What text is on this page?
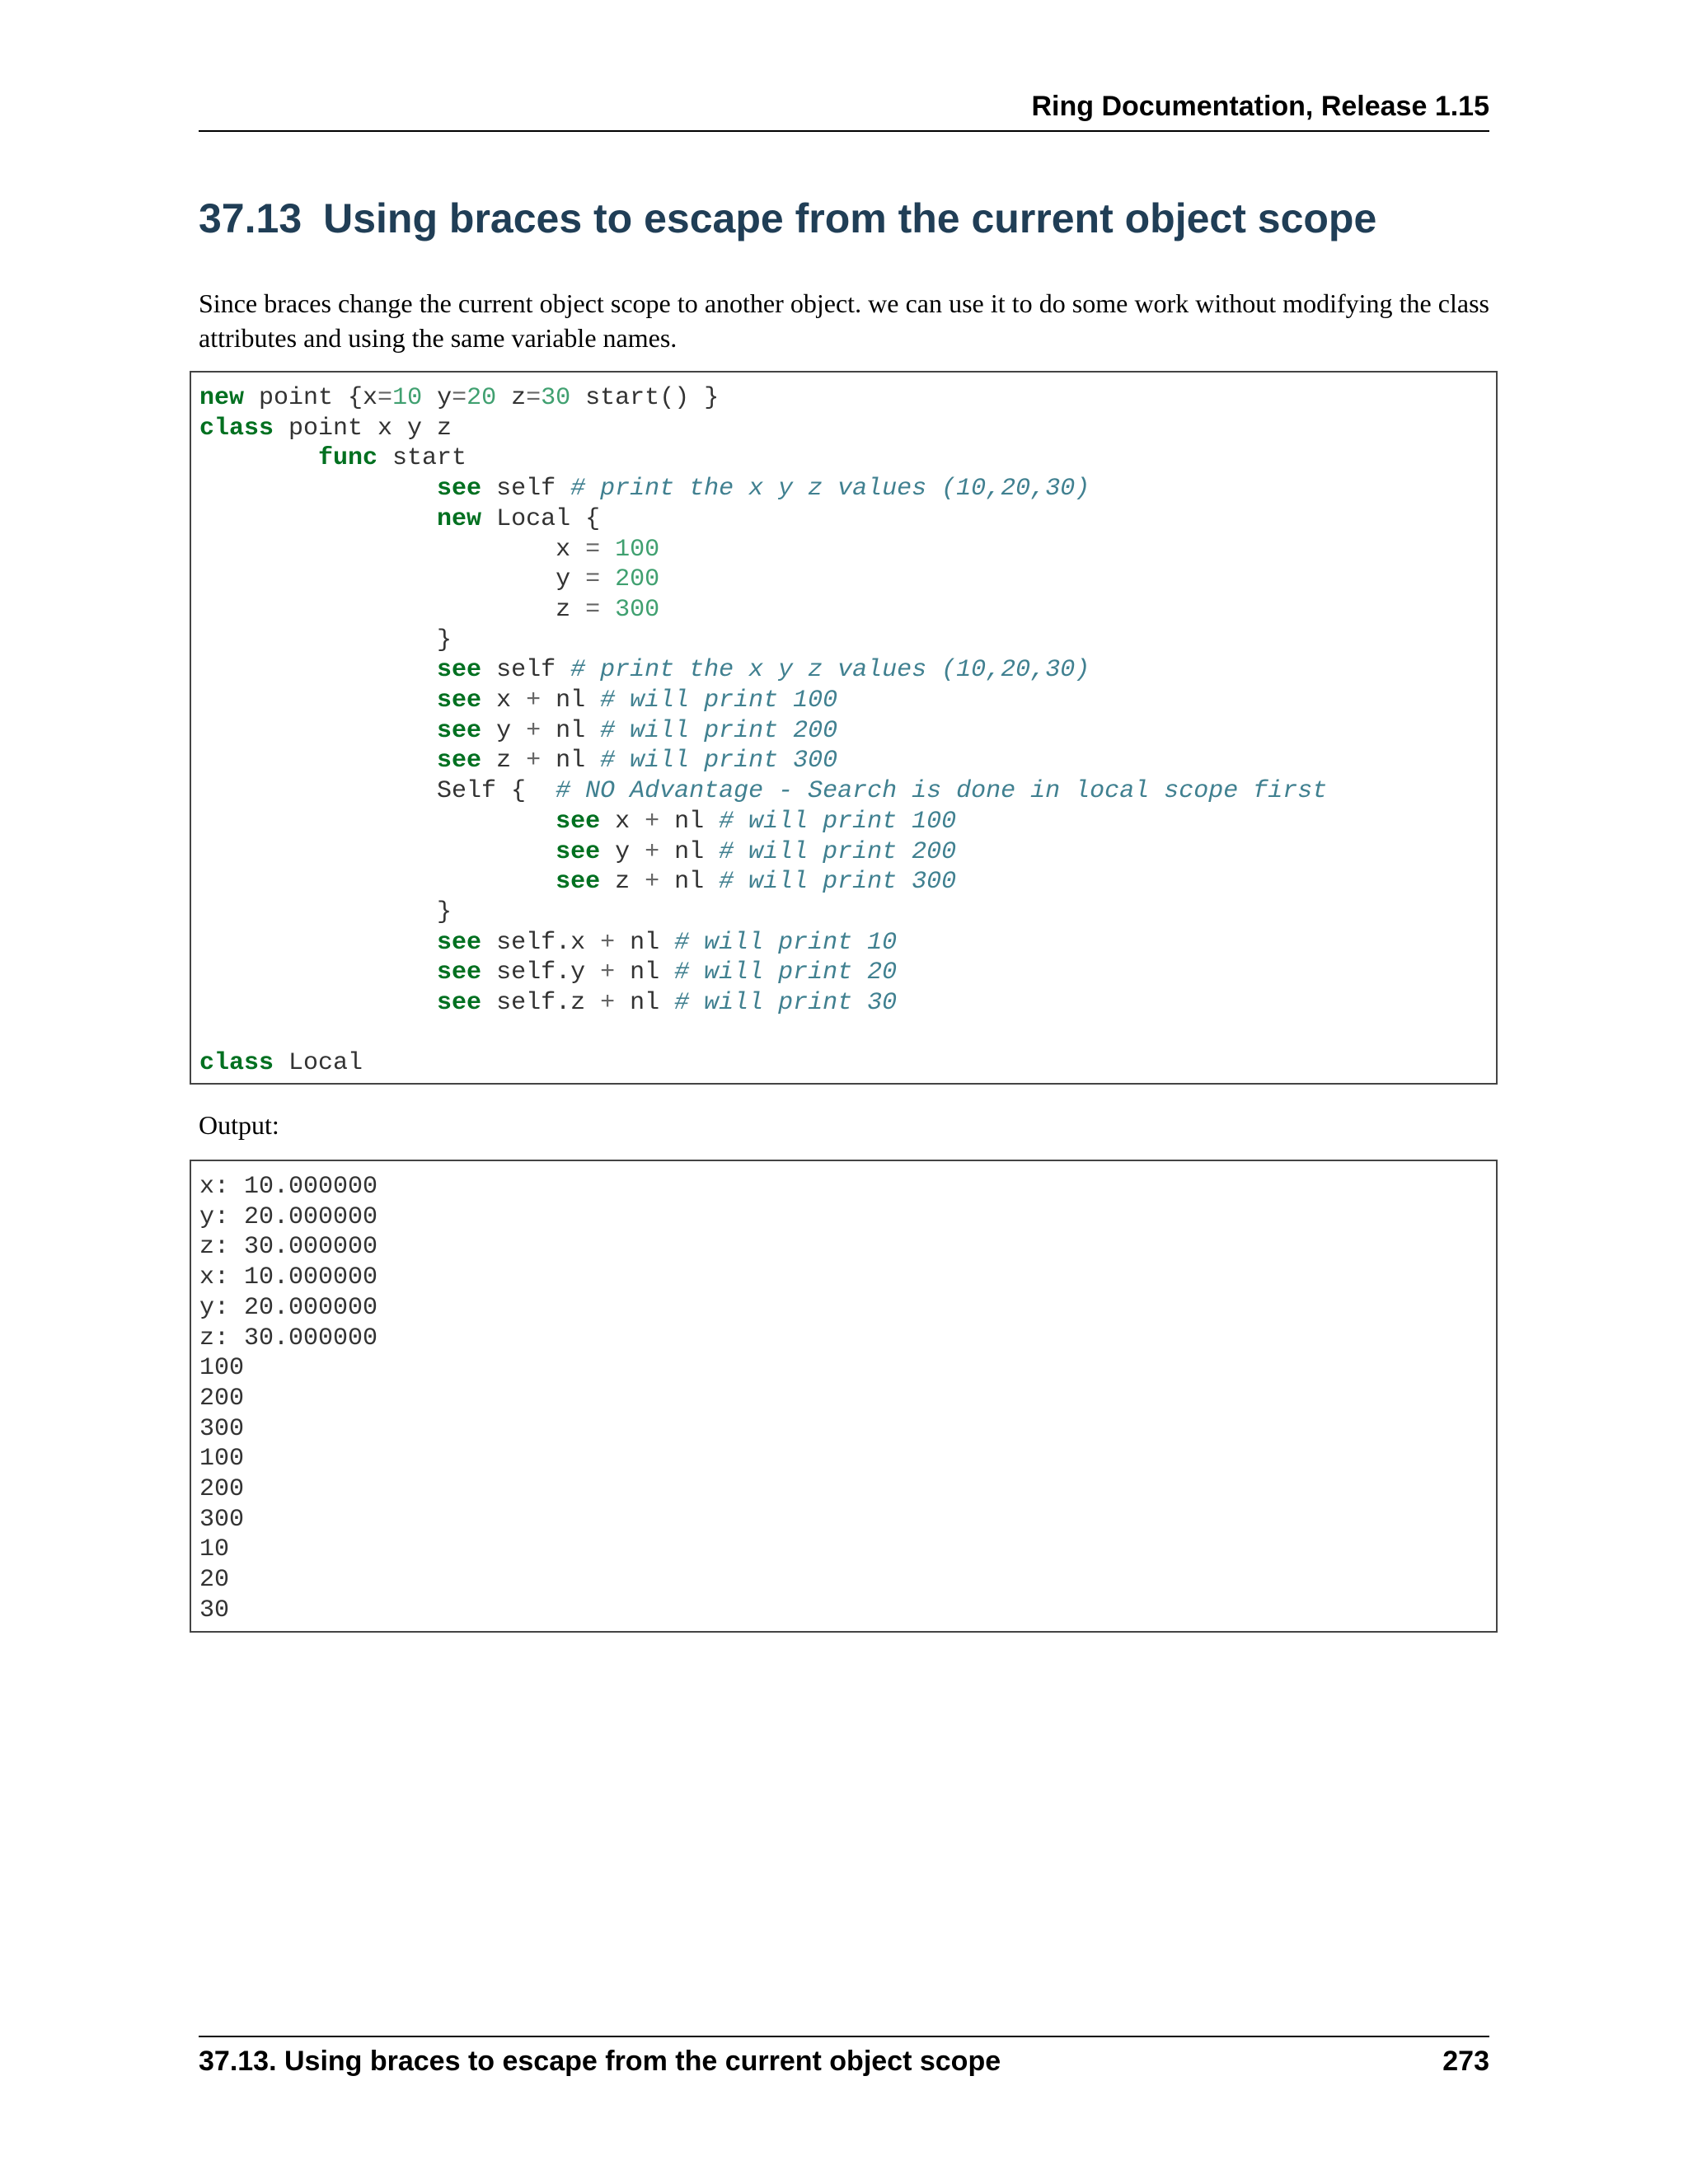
Ring Documentation, Release 1.15
37.13 Using braces to escape from the current object scope

Since braces change the current object scope to another object. we can use it to do some work without modifying the class attributes and using the same variable names.

new point {x=10 y=20 z=30 start() }
class point x y z
func start
see self # print the x y z values (10,20,30)
new Local {
x = 100
y = 200
z = 300
}
see self # print the x y z values (10,20,30)
see x + nl # will print 100
see y + nl # will print 200
see z + nl # will print 300
Self {  # NO Advantage - Search is done in local scope first
see x + nl # will print 100
see y + nl # will print 200
see z + nl # will print 300
}
see self.x + nl # will print 10
see self.y + nl # will print 20
see self.z + nl # will print 30

class Local

Output:

x: 10.000000
y: 20.000000
z: 30.000000
x: 10.000000
y: 20.000000
z: 30.000000
100
200
300
100
200
300
10
20
30
37.13. Using braces to escape from the current object scope	273
